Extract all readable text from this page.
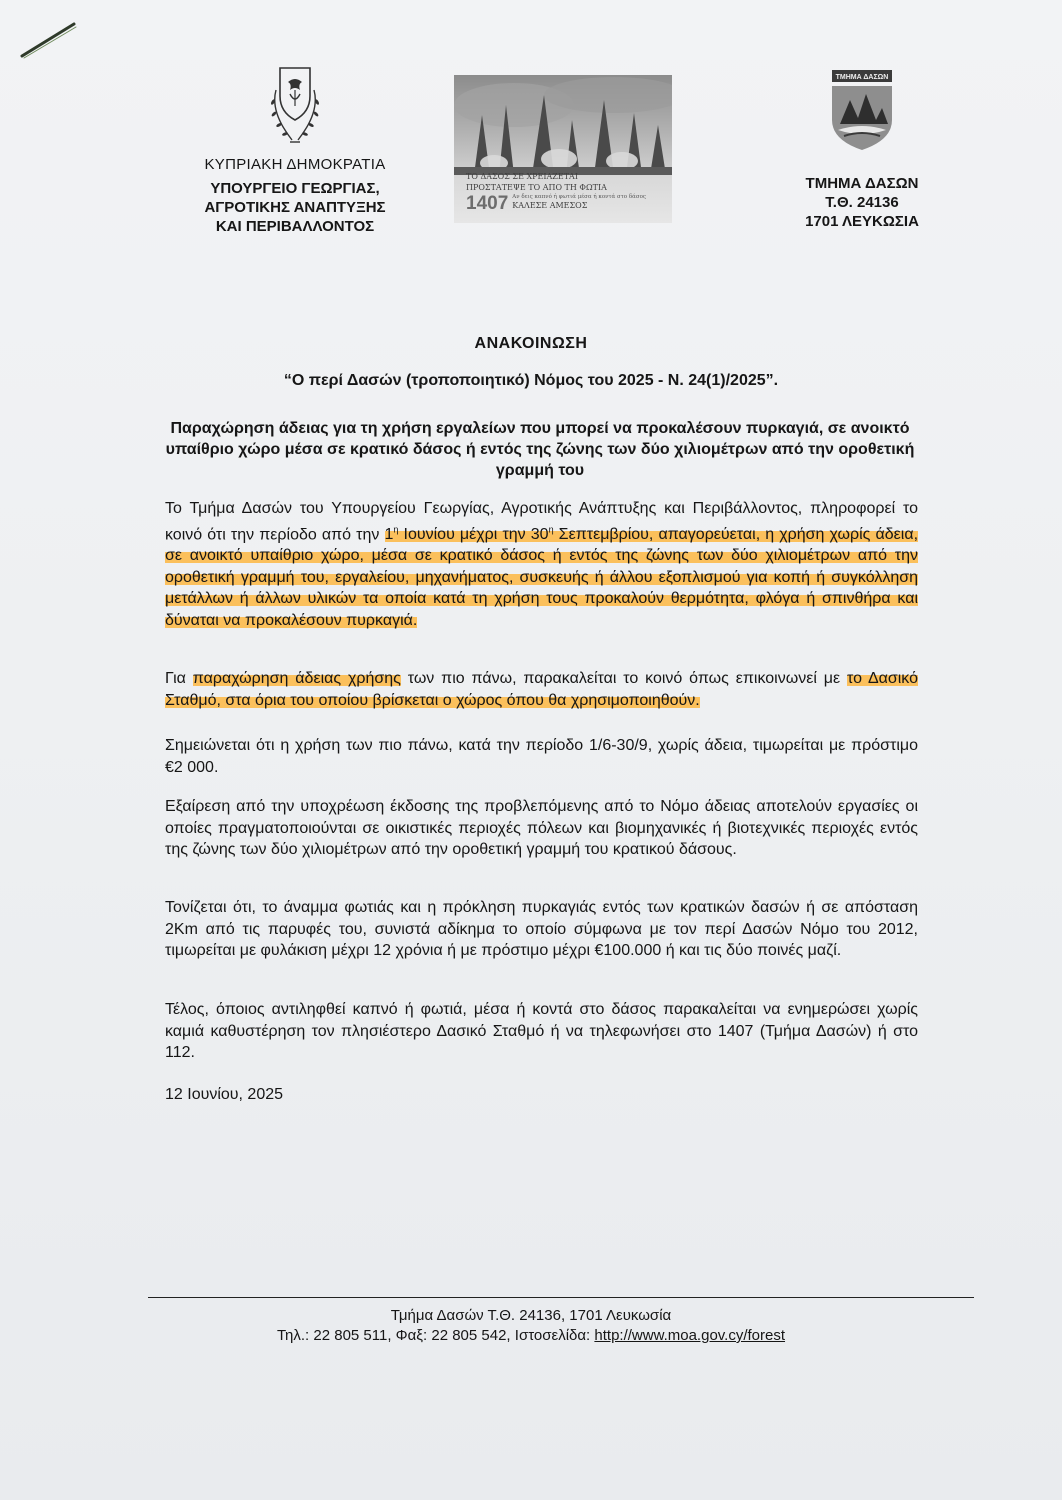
ΚΥΠΡΙΑΚΗ ΔΗΜΟΚΡΑΤΙΑ
ΥΠΟΥΡΓΕΙΟ ΓΕΩΡΓΙΑΣ,
ΑΓΡΟΤΙΚΗΣ ΑΝΑΠΤΥΞΗΣ
ΚΑΙ ΠΕΡΙΒΑΛΛΟΝΤΟΣ
ΤΟ ΔΑΣΟΣ ΣΕ ΧΡΕΙΑΖΕΤΑΙ
ΠΡΟΣΤΑΤΕΨΕ ΤΟ ΑΠΟ ΤΗ ΦΩΤΙΑ
1407 Αν δεις καπνό ή φωτιά μέσα ή κοντά στο δάσος
ΚΑΛΕΣΕ ΑΜΕΣΟΣ
ΤΜΗΜΑ ΔΑΣΩΝ
ΤΜΗΜΑ ΔΑΣΩΝ
Τ.Θ. 24136
1701 ΛΕΥΚΩΣΙΑ
ΑΝΑΚΟΙΝΩΣΗ
“Ο περί Δασών (τροποποιητικό) Νόμος του 2025 - Ν. 24(1)/2025”.
Παραχώρηση άδειας για τη χρήση εργαλείων που μπορεί να προκαλέσουν πυρκαγιά, σε ανοικτό υπαίθριο χώρο μέσα σε κρατικό δάσος ή εντός της ζώνης των δύο χιλιομέτρων από την οροθετική γραμμή του
Το Τμήμα Δασών του Υπουργείου Γεωργίας, Αγροτικής Ανάπτυξης και Περιβάλλοντος, πληροφορεί το κοινό ότι την περίοδο από την $1^\eta$ Ιουνίου μέχρι την $30^\eta$ Σεπτεμβρίου, απαγορεύεται, η χρήση χωρίς άδεια, σε ανοικτό υπαίθριο χώρο, μέσα σε κρατικό δάσος ή εντός της ζώνης των δύο χιλιομέτρων από την οροθετική γραμμή του, εργαλείου, μηχανήματος, συσκευής ή άλλου εξοπλισμού για κοπή ή συγκόλληση μετάλλων ή άλλων υλικών τα οποία κατά τη χρήση τους προκαλούν θερμότητα, φλόγα ή σπινθήρα και δύναται να προκαλέσουν πυρκαγιά.
Για παραχώρηση άδειας χρήσης των πιο πάνω, παρακαλείται το κοινό όπως επικοινωνεί με το Δασικό Σταθμό, στα όρια του οποίου βρίσκεται ο χώρος όπου θα χρησιμοποιηθούν.
Σημειώνεται ότι η χρήση των πιο πάνω, κατά την περίοδο 1/6-30/9, χωρίς άδεια, τιμωρείται με πρόστιμο €2 000.
Εξαίρεση από την υποχρέωση έκδοσης της προβλεπόμενης από το Νόμο άδειας αποτελούν εργασίες οι οποίες πραγματοποιούνται σε οικιστικές περιοχές πόλεων και βιομηχανικές ή βιοτεχνικές περιοχές εντός της ζώνης των δύο χιλιομέτρων από την οροθετική γραμμή του κρατικού δάσους.
Τονίζεται ότι, το άναμμα φωτιάς και η πρόκληση πυρκαγιάς εντός των κρατικών δασών ή σε απόσταση 2Km από τις παρυφές του, συνιστά αδίκημα το οποίο σύμφωνα με τον περί Δασών Νόμο του 2012, τιμωρείται με φυλάκιση μέχρι 12 χρόνια ή με πρόστιμο μέχρι €100.000 ή και τις δύο ποινές μαζί.
Τέλος, όποιος αντιληφθεί καπνό ή φωτιά, μέσα ή κοντά στο δάσος παρακαλείται να ενημερώσει χωρίς καμιά καθυστέρηση τον πλησιέστερο Δασικό Σταθμό ή να τηλεφωνήσει στο 1407 (Τμήμα Δασών) ή στο 112.
12 Ιουνίου, 2025
Τμήμα Δασών Τ.Θ. 24136, 1701 Λευκωσία
Τηλ.: 22 805 511, Φαξ: 22 805 542, Ιστοσελίδα: http://www.moa.gov.cy/forest
